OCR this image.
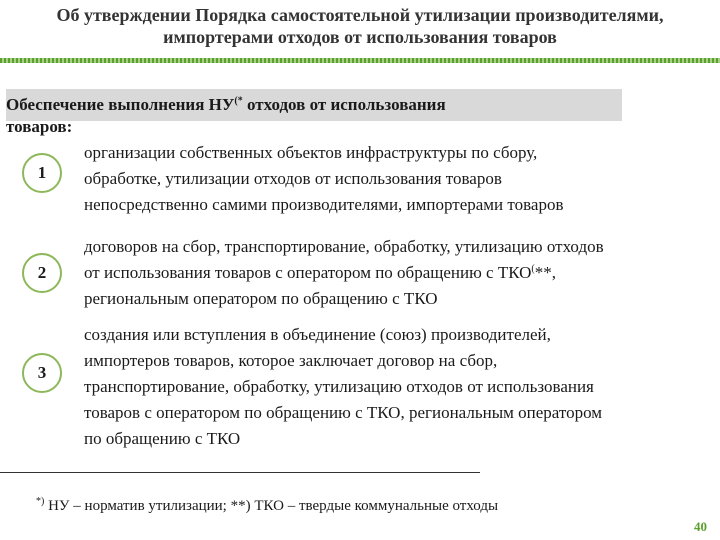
Об утверждении Порядка самостоятельной утилизации производителями,
импортерами отходов от использования товаров
Обеспечение выполнения НУ(* отходов от использования
товаров:
1
организации собственных объектов инфраструктуры по сбору,
обработке, утилизации отходов от использования товаров
непосредственно самими производителями, импортерами товаров
2
договоров на сбор, транспортирование, обработку, утилизацию отходов
от использования товаров с оператором по обращению с ТКО(**,
региональным оператором по обращению с ТКО
3
создания или вступления в объединение (союз) производителей,
импортеров товаров, которое заключает договор на сбор,
транспортирование, обработку, утилизацию отходов от использования
товаров с оператором по обращению с ТКО, региональным оператором
по обращению с ТКО
*) НУ – норматив утилизации; **) ТКО – твердые коммунальные отходы
40
